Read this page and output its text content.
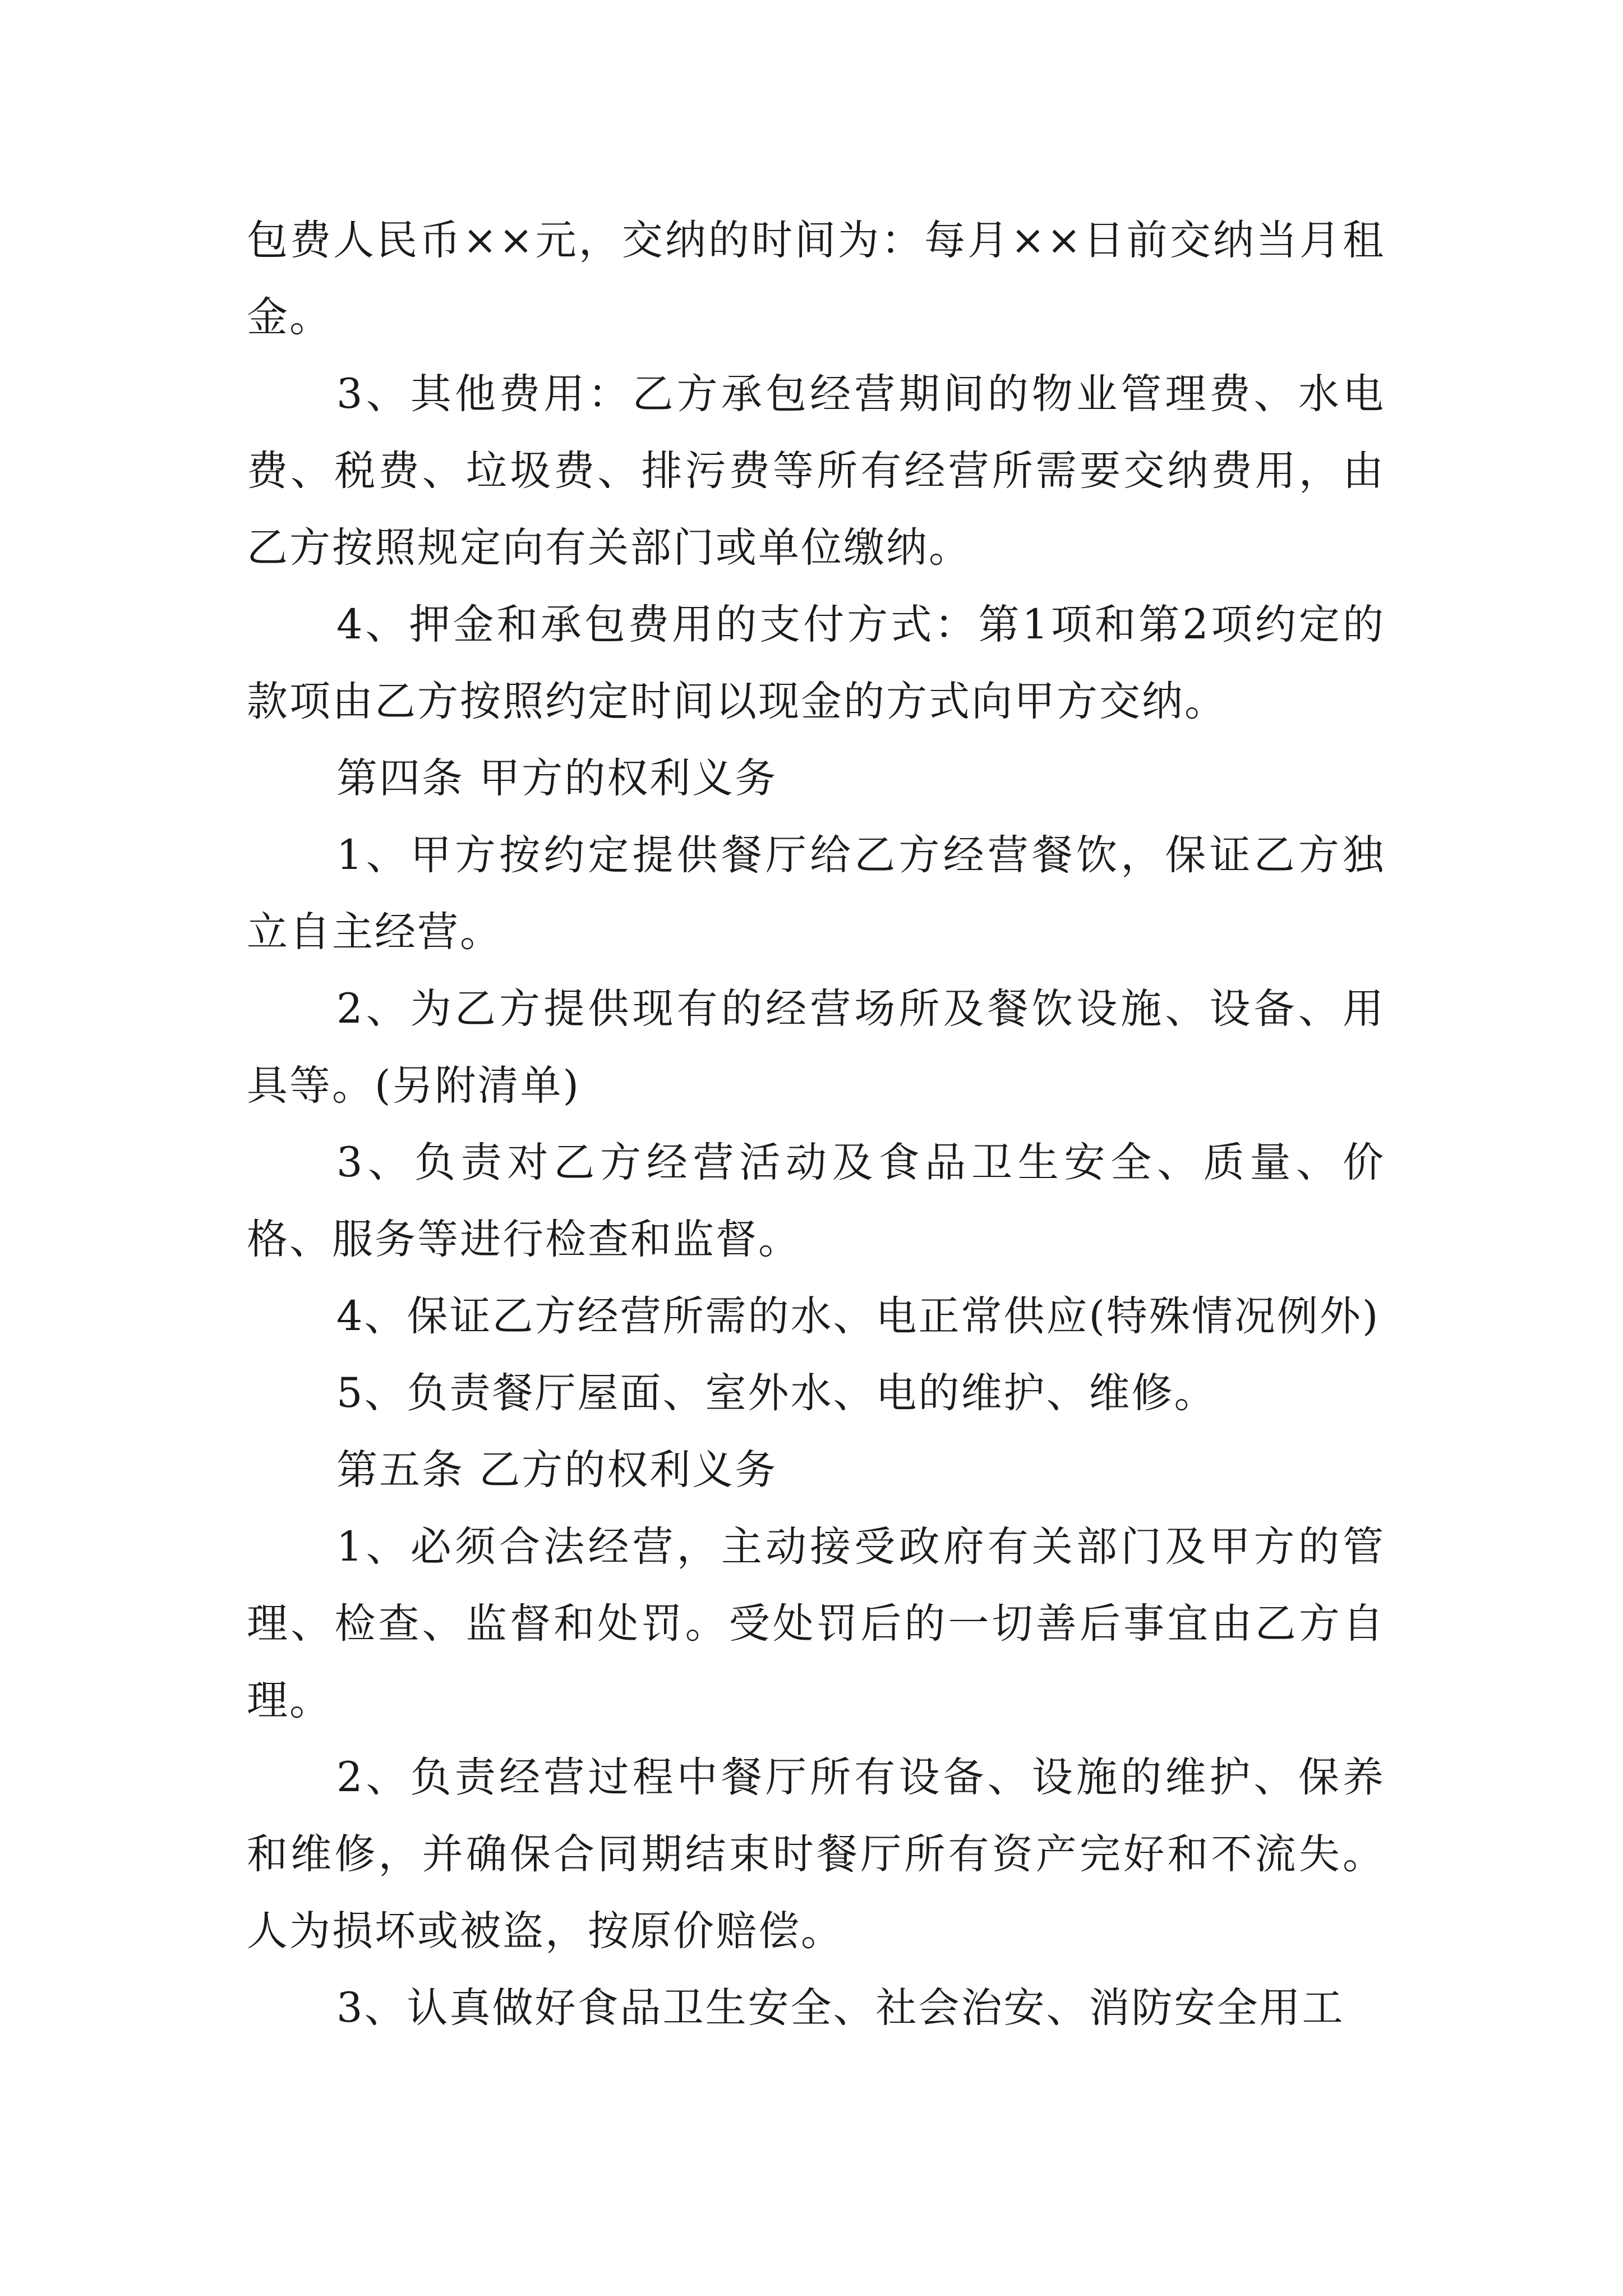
包费人民币××元，交纳的时间为：每月××日前交纳当月租金。

3、其他费用：乙方承包经营期间的物业管理费、水电费、税费、垃圾费、排污费等所有经营所需要交纳费用，由乙方按照规定向有关部门或单位缴纳。

4、押金和承包费用的支付方式：第1项和第2项约定的款项由乙方按照约定时间以现金的方式向甲方交纳。

第四条 甲方的权利义务

1、甲方按约定提供餐厅给乙方经营餐饮，保证乙方独立自主经营。

2、为乙方提供现有的经营场所及餐饮设施、设备、用具等。(另附清单)

3、负责对乙方经营活动及食品卫生安全、质量、价格、服务等进行检查和监督。

4、保证乙方经营所需的水、电正常供应(特殊情况例外)

5、负责餐厅屋面、室外水、电的维护、维修。

第五条 乙方的权利义务

1、必须合法经营，主动接受政府有关部门及甲方的管理、检查、监督和处罚。受处罚后的一切善后事宜由乙方自理。

2、负责经营过程中餐厅所有设备、设施的维护、保养和维修，并确保合同期结束时餐厅所有资产完好和不流失。人为损坏或被盗，按原价赔偿。

3、认真做好食品卫生安全、社会治安、消防安全用工
